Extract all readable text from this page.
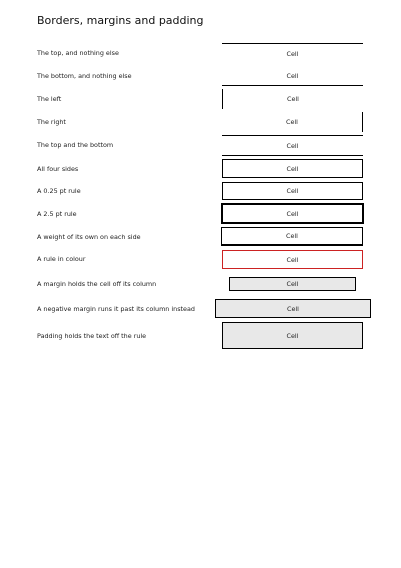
Borders, margins and padding
The top, and nothing else	Cell
The bottom, and nothing else	Cell
The left	Cell
The right	Cell
The top and the bottom	Cell
All four sides	Cell
A 0.25 pt rule	Cell
A 2.5 pt rule	Cell
A weight of its own on each side	Cell
A rule in colour	Cell
A margin holds the cell off its column	Cell
A negative margin runs it past its column instead	Cell
Padding holds the text off the rule	Cell
